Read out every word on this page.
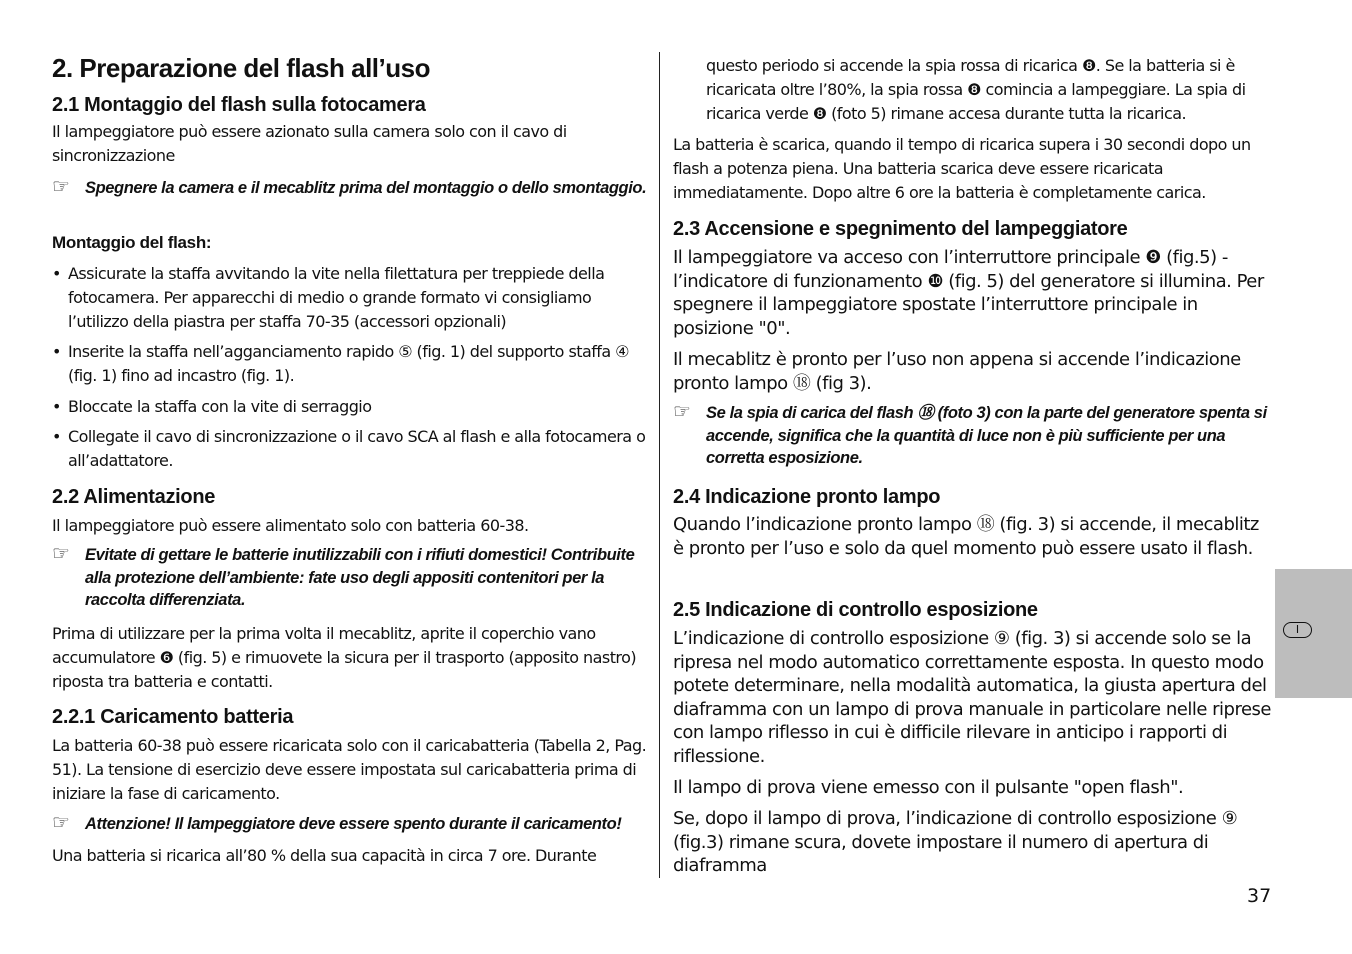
2. Preparazione del flash all’uso
2.1 Montaggio del flash sulla fotocamera

Il lampeggiatore può essere azionato sulla camera solo con il cavo di sincronizzazione

☞ Spegnere la camera e il mecablitz prima del montaggio o dello smontaggio.
Montaggio del flash:
• Assicurate la staffa avvitando la vite nella filettatura per treppiede della fotocamera. Per apparecchi di medio o grande formato vi consigliamo l’utilizzo della piastra per staffa 70-35 (accessori opzionali)
• Inserite la staffa nell’agganciamento rapido ⑤ (fig. 1) del supporto staffa ④ (fig. 1) fino ad incastro (fig. 1).
• Bloccate la staffa con la vite di serraggio
• Collegate il cavo di sincronizzazione o il cavo SCA al flash e alla fotocamera o all’adattatore.
2.2 Alimentazione

Il lampeggiatore può essere alimentato solo con batteria 60-38.

☞ Evitate di gettare le batterie inutilizzabili con i rifiuti domestici! Contribuite alla protezione dell’ambiente: fate uso degli appositi contenitori per la raccolta differenziata.

Prima di utilizzare per la prima volta il mecablitz, aprite il coperchio vano accumulatore ❻ (fig. 5) e rimuovete la sicura per il trasporto (apposito nastro) riposta tra batteria e contatti.

2.2.1 Caricamento batteria

La batteria 60-38 può essere ricaricata solo con il caricabatteria (Tabella 2, Pag. 51). La tensione di esercizio deve essere impostata sul caricabatteria prima di iniziare la fase di caricamento.

☞ Attenzione! Il lampeggiatore deve essere spento durante il caricamento!

Una batteria si ricarica all’80 % della sua capacità in circa 7 ore. Durante

questo periodo si accende la spia rossa di ricarica ❽. Se la batteria si è ricaricata oltre l’80%, la spia rossa ❽ comincia a lampeggiare. La spia di ricarica verde ❽ (foto 5) rimane accesa durante tutta la ricarica.

La batteria è scarica, quando il tempo di ricarica supera i 30 secondi dopo un flash a potenza piena. Una batteria scarica deve essere ricaricata immediatamente. Dopo altre 6 ore la batteria è completamente carica.

2.3 Accensione e spegnimento del lampeggiatore

Il lampeggiatore va acceso con l’interruttore principale ❾ (fig.5) - l’indicatore di funzionamento ❿ (fig. 5) del generatore si illumina. Per spegnere il lampeggiatore spostate l’interruttore principale in posizione "0".

Il mecablitz è pronto per l’uso non appena si accende l’indicazione pronto lampo ⑱ (fig 3).

☞ Se la spia di carica del flash ⑱ (foto 3) con la parte del generatore spenta si accende, significa che la quantità di luce non è più sufficiente per una corretta esposizione.
2.4 Indicazione pronto lampo

Quando l’indicazione pronto lampo ⑱ (fig. 3) si accende, il mecablitz è pronto per l’uso e solo da quel momento può essere usato il flash.

2.5 Indicazione di controllo esposizione

L’indicazione di controllo esposizione ⑨ (fig. 3) si accende solo se la ripresa nel modo automatico correttamente esposta. In questo modo potete determinare, nella modalità automatica, la giusta apertura del diaframma con un lampo di prova manuale in particolare nelle riprese con lampo riflesso in cui è difficile rilevare in anticipo i rapporti di riflessione.

Il lampo di prova viene emesso con il pulsante "open flash".

Se, dopo il lampo di prova, l’indicazione di controllo esposizione ⑨ (fig.3) rimane scura, dovete impostare il numero di apertura di diaframma

I
37
